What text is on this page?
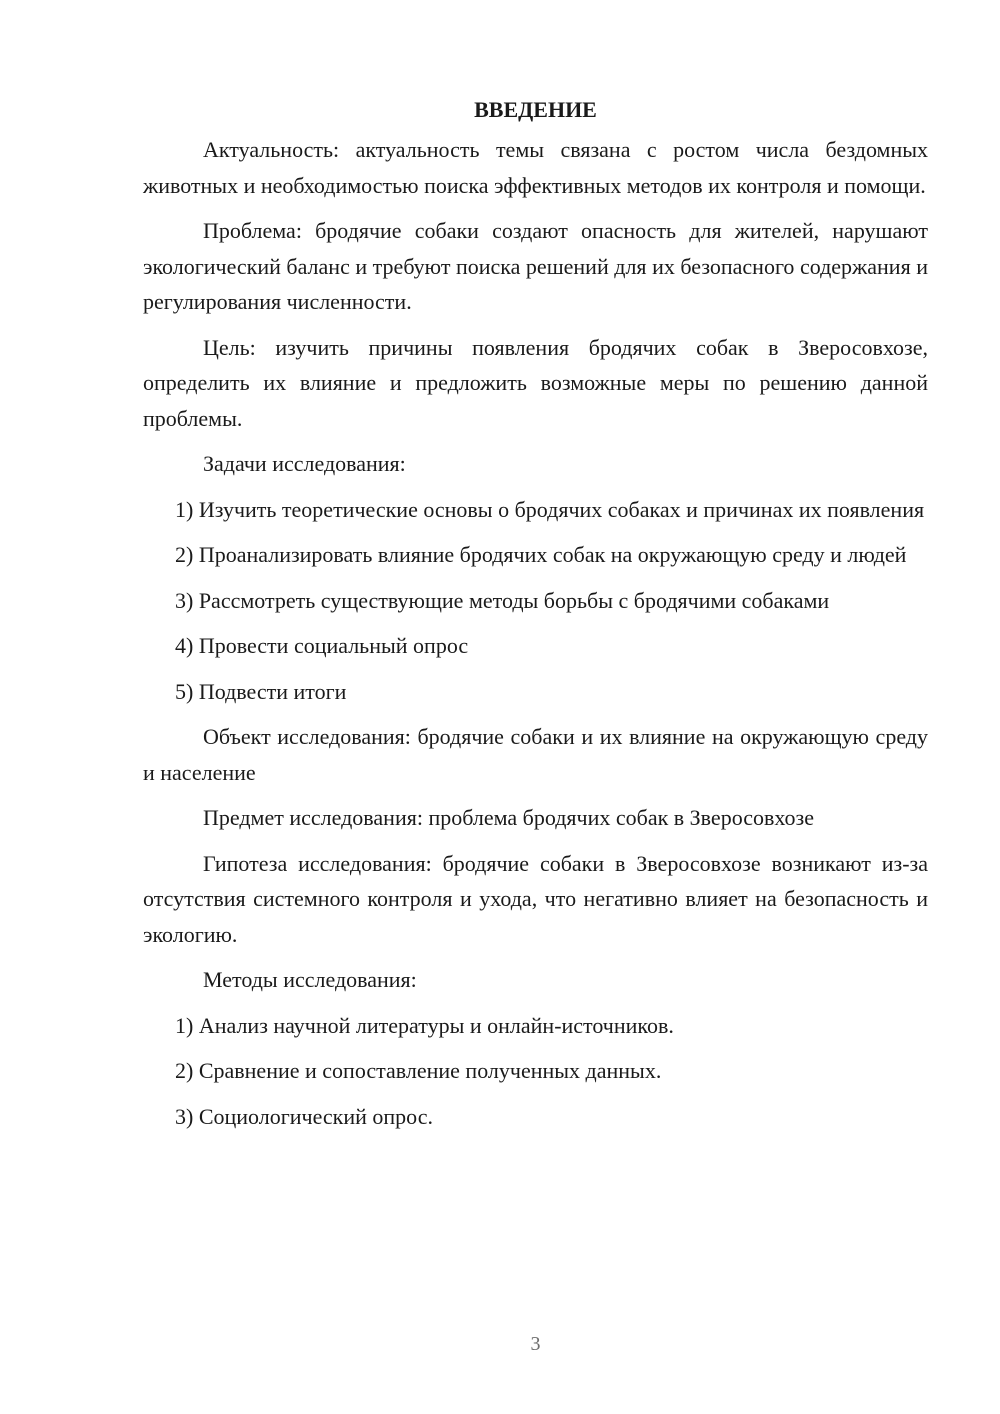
ВВЕДЕНИЕ

Актуальность: актуальность темы связана с ростом числа бездомных животных и необходимостью поиска эффективных методов их контроля и помощи.

Проблема: бродячие собаки создают опасность для жителей, нарушают экологический баланс и требуют поиска решений для их безопасного содержания и регулирования численности.

Цель: изучить причины появления бродячих собак в Зверосовхозе, определить их влияние и предложить возможные меры по решению данной проблемы.

Задачи исследования:

1) Изучить теоретические основы о бродячих собаках и причинах их появления

2) Проанализировать влияние бродячих собак на окружающую среду и людей

3) Рассмотреть существующие методы борьбы с бродячими собаками

4) Провести социальный опрос

5) Подвести итоги

Объект исследования: бродячие собаки и их влияние на окружающую среду и население

Предмет исследования: проблема бродячих собак в Зверосовхозе

Гипотеза исследования: бродячие собаки в Зверосовхозе возникают из-за отсутствия системного контроля и ухода, что негативно влияет на безопасность и экологию.

Методы исследования:

1) Анализ научной литературы и онлайн-источников.

2) Сравнение и сопоставление полученных данных.

3) Социологический опрос.

3
